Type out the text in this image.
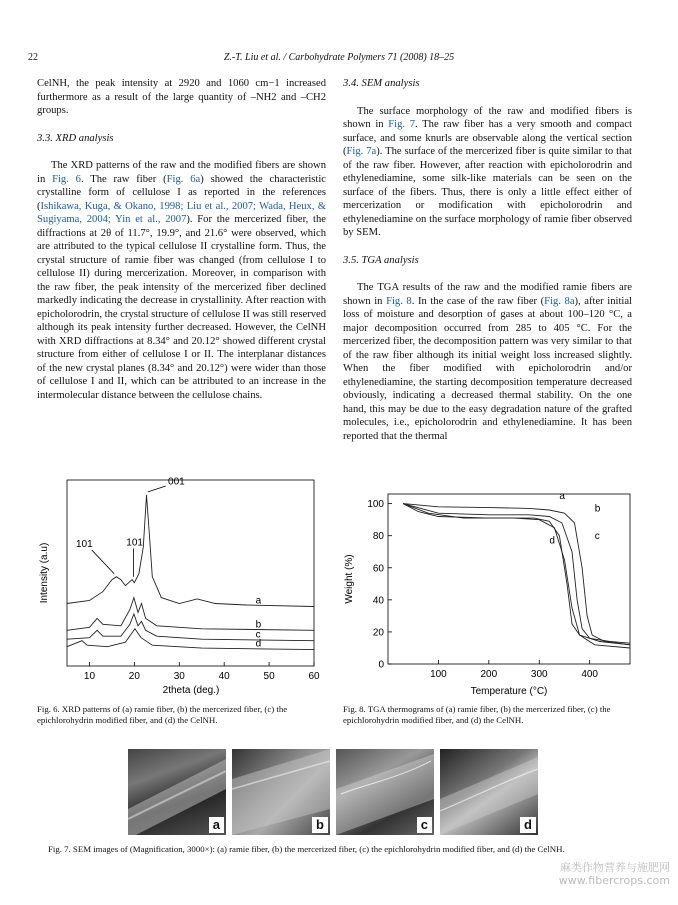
22	Z.-T. Liu et al. / Carbohydrate Polymers 71 (2008) 18–25

CelNH, the peak intensity at 2920 and 1060 cm−1 increased furthermore as a result of the large quantity of –NH2 and –CH2 groups.

3.3. XRD analysis

The XRD patterns of the raw and the modified fibers are shown in Fig. 6. The raw fiber (Fig. 6a) showed the characteristic crystalline form of cellulose I as reported in the references (Ishikawa, Kuga, & Okano, 1998; Liu et al., 2007; Wada, Heux, & Sugiyama, 2004; Yin et al., 2007). For the mercerized fiber, the diffractions at 2θ of 11.7°, 19.9°, and 21.6° were observed, which are attributed to the typical cellulose II crystalline form. Thus, the crystal structure of ramie fiber was changed (from cellulose I to cellulose II) during mercerization. Moreover, in comparison with the raw fiber, the peak intensity of the mercerized fiber declined markedly indicating the decrease in crystallinity. After reaction with epicholorodrin, the crystal structure of cellulose II was still reserved although its peak intensity further decreased. However, the CelNH with XRD diffractions at 8.34° and 20.12° showed different crystal structure from either of cellulose I or II. The interplanar distances of the new crystal planes (8.34° and 20.12°) were wider than those of cellulose I and II, which can be attributed to an increase in the intermolecular distance between the cellulose chains.

3.4. SEM analysis

The surface morphology of the raw and modified fibers is shown in Fig. 7. The raw fiber has a very smooth and compact surface, and some knurls are observable along the vertical section (Fig. 7a). The surface of the mercerized fiber is quite similar to that of the raw fiber. However, after reaction with epicholorodrin and ethylenediamine, some silk-like materials can be seen on the surface of the fibers. Thus, there is only a little effect either of mercerization or modification with epicholorodrin and ethylenediamine on the surface morphology of ramie fiber observed by SEM.

3.5. TGA analysis

The TGA results of the raw and the modified ramie fibers are shown in Fig. 8. In the case of the raw fiber (Fig. 8a), after initial loss of moisture and desorption of gases at about 100–120 °C, a major decomposition occurred from 285 to 405 °C. For the mercerized fiber, the decomposition pattern was very similar to that of the raw fiber although its initial weight loss increased slightly. When the fiber modified with epicholorodrin and/or ethylenediamine, the starting decomposition temperature decreased obviously, indicating a decreased thermal stability. On the one hand, this may be due to the easy degradation nature of the grafted molecules, i.e., epicholorodrin and ethylenediamine. It has been reported that the thermal

10	20	30	40	50	60
a
b
c
d
001
101	101
2theta (deg.)
Intensity (a.u)
100	200	300	400
0
20
40
60
80
100
a
b
c
d
Temperature (°C)
Weight (%)
Fig. 6. XRD patterns of (a) ramie fiber, (b) the mercerized fiber, (c) the epichlorohydrin modified fiber, and (d) the CelNH.
Fig. 8. TGA thermograms of (a) ramie fiber, (b) the mercerized fiber, (c) the epichlorohydrin modified fiber, and (d) the CelNH.
a	b	c	d
Fig. 7. SEM images of (Magnification, 3000×): (a) ramie fiber, (b) the mercerized fiber, (c) the epichlorohydrin modified fiber, and (d) the CelNH.
麻类作物营养与施肥网
www.fibercrops.com
